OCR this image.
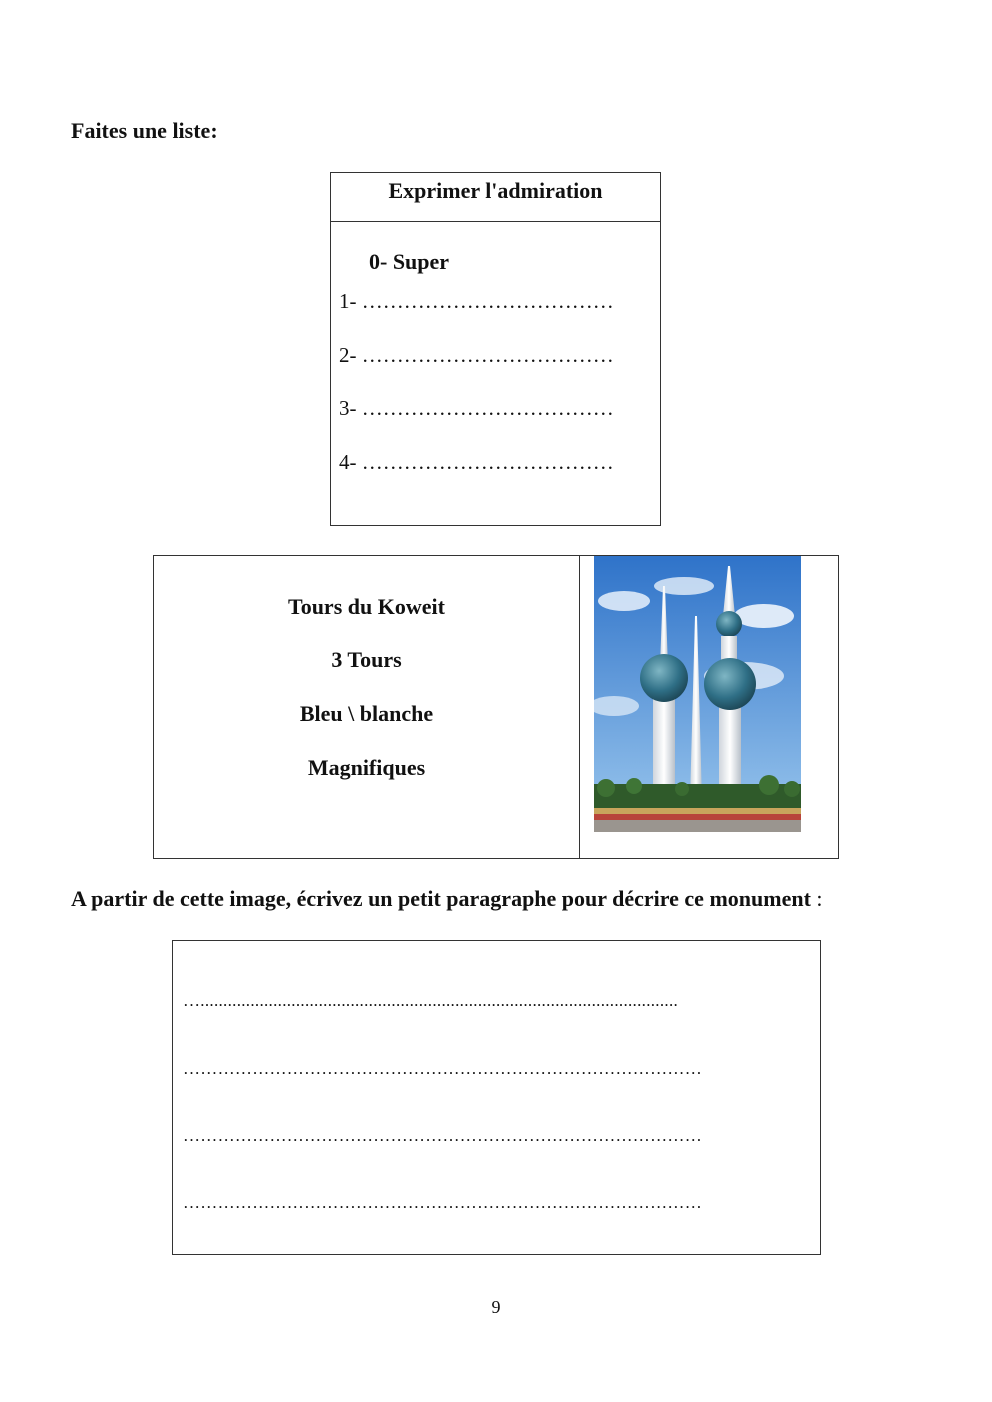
Faites une liste:
Exprimer l'admiration
0- Super
1- ………………………………
2- ………………………………
3- ………………………………
4- ………………………………
Tours du Koweit
3 Tours
Bleu \ blanche
Magnifiques
A partir de cette image, écrivez un petit paragraphe pour décrire ce monument :
….........................................................................................................
………………………………………………………………………………
………………………………………………………………………………
………………………………………………………………………………
9
